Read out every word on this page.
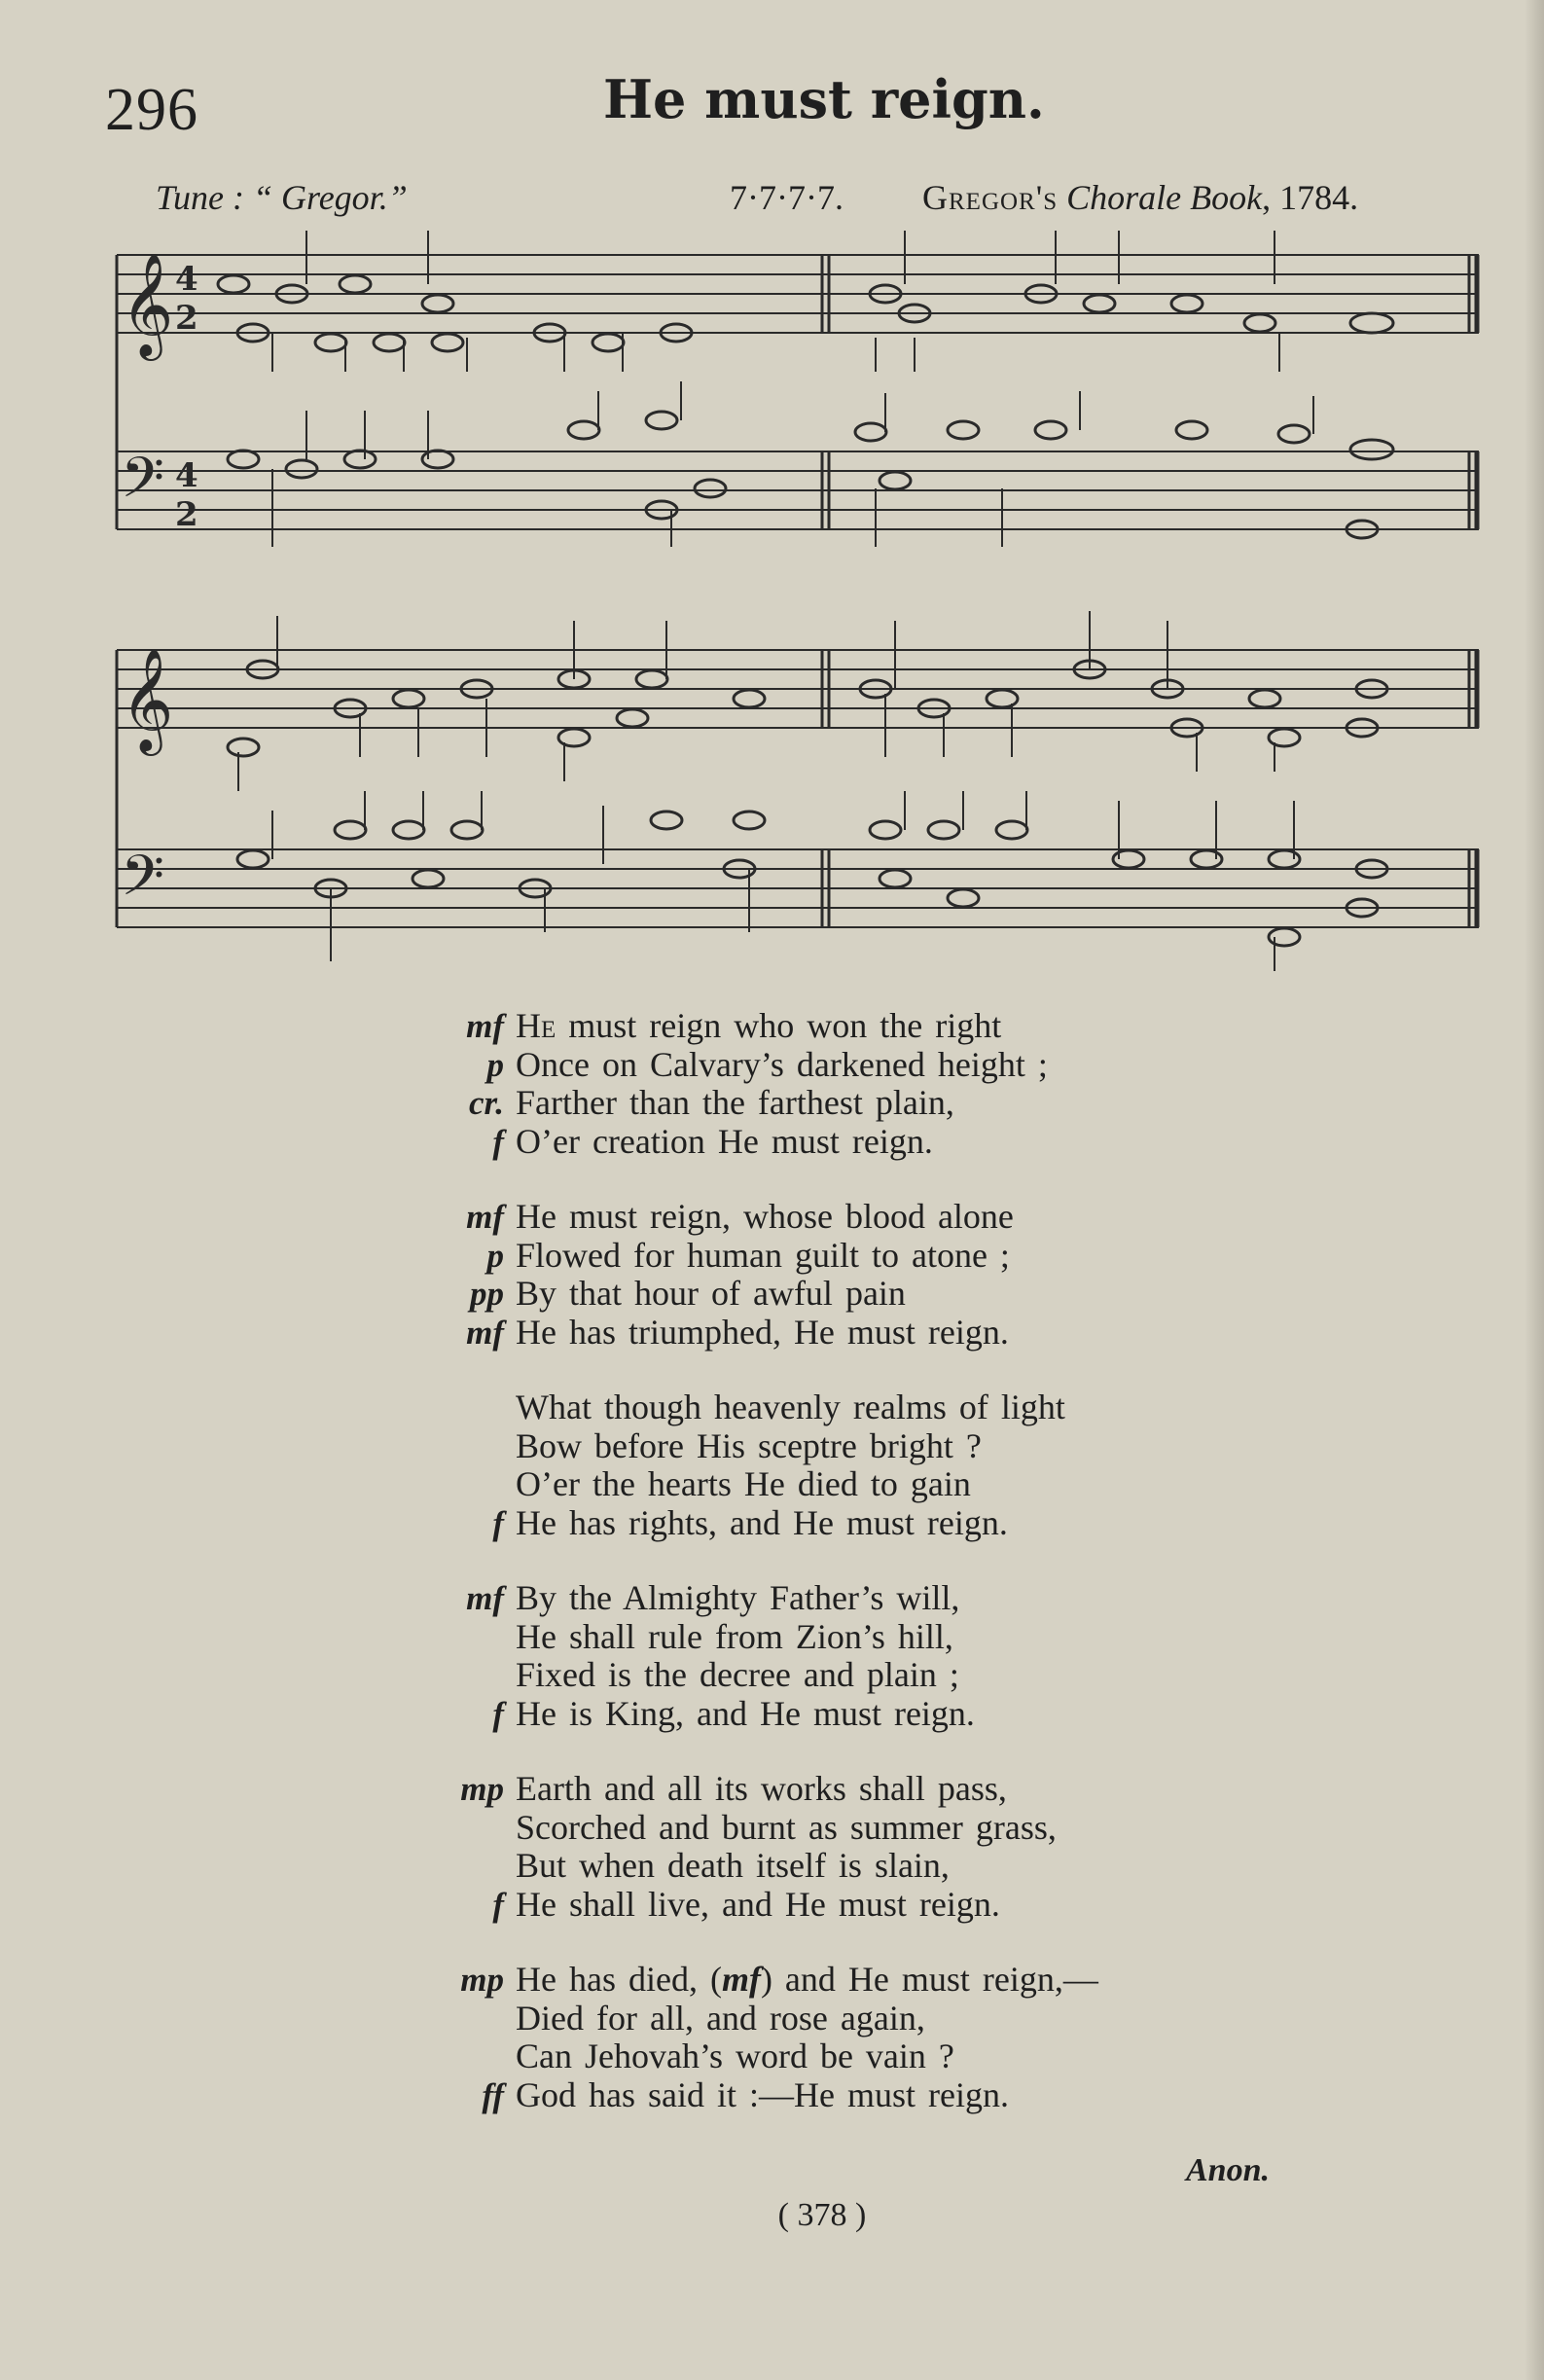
296	He must reign.
Tune : “ Gregor.”	7·7·7·7. Gregor's Chorale Book, 1784.
𝄞
𝄢
4
2
4
2
𝄞
𝄢
mf He must reign who won the right
p Once on Calvary’s darkened height ;
cr. Farther than the farthest plain,
f O’er creation He must reign.
mf He must reign, whose blood alone
p Flowed for human guilt to atone ;
pp By that hour of awful pain
mf He has triumphed, He must reign.
What though heavenly realms of light
Bow before His sceptre bright ?
O’er the hearts He died to gain
f He has rights, and He must reign.
mf By the Almighty Father’s will,
He shall rule from Zion’s hill,
Fixed is the decree and plain ;
f He is King, and He must reign.
mp Earth and all its works shall pass,
Scorched and burnt as summer grass,
But when death itself is slain,
f He shall live, and He must reign.
mp He has died, (mf) and He must reign,—
Died for all, and rose again,
Can Jehovah’s word be vain ?
ff God has said it :—He must reign.
Anon.
( 378 )
